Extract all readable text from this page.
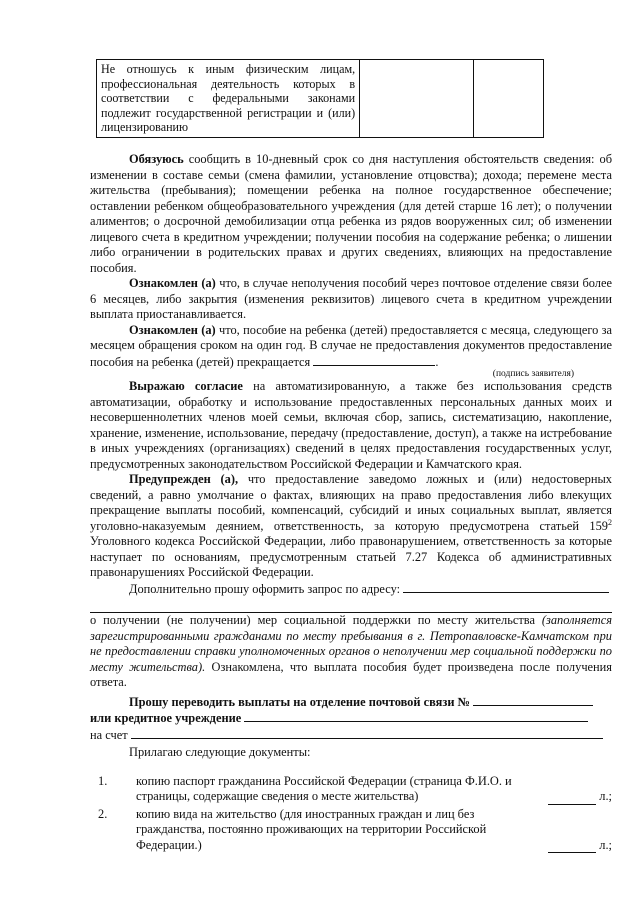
Не отношусь к иным физическим лицам, профессиональная деятельность которых в соответствии с федеральными законами подлежит государственной регистрации и (или) лицензированию		

Обязуюсь сообщить в 10-дневный срок со дня наступления обстоятельств сведения: об изменении в составе семьи (смена фамилии, установление отцовства); дохода; перемене места жительства (пребывания); помещении ребенка на полное государственное обеспечение; оставлении ребенком общеобразовательного учреждения (для детей старше 16 лет); о получении алиментов; о досрочной демобилизации отца ребенка из рядов вооруженных сил; об изменении лицевого счета в кредитном учреждении; получении пособия на содержание ребенка; о лишении либо ограничении в родительских правах и других сведениях, влияющих на предоставление пособия.

Ознакомлен (а) что, в случае неполучения пособий через почтовое отделение связи более 6 месяцев, либо закрытия (изменения реквизитов) лицевого счета в кредитном учреждении выплата приостанавливается.

Ознакомлен (а) что, пособие на ребенка (детей) предоставляется с месяца, следующего за месяцем обращения сроком на один год. В случае не предоставления документов предоставление пособия на ребенка (детей) прекращается	.

(подпись заявителя)

Выражаю согласие на автоматизированную, а также без использования средств автоматизации, обработку и использование предоставленных персональных данных моих и несовершеннолетних членов моей семьи, включая сбор, запись, систематизацию, накопление, хранение, изменение, использование, передачу (предоставление, доступ), а также на истребование в иных учреждениях (организациях) сведений в целях предоставления государственных услуг, предусмотренных законодательством Российской Федерации и Камчатского края.

Предупрежден (а), что предоставление заведомо ложных и (или) недостоверных сведений, а равно умолчание о фактах, влияющих на право предоставления либо влекущих прекращение выплаты пособий, компенсаций, субсидий и иных социальных выплат, является уголовно-наказуемым деянием, ответственность, за которую предусмотрена статьей $159^2$ Уголовного кодекса Российской Федерации, либо правонарушением, ответственность за которые наступает по основаниям, предусмотренным статьей 7.27 Кодекса об административных правонарушениях Российской Федерации.

Дополнительно прошу оформить запрос по адресу:

о получении (не получении) мер социальной поддержки по месту жительства (заполняется зарегистрированными гражданами по месту пребывания в г. Петропавловске-Камчатском при не предоставлении справки уполномоченных органов о неполучении мер социальной поддержки по месту жительства). Ознакомлена, что выплата пособия будет произведена после получения ответа.

Прошу переводить выплаты на отделение почтовой связи №

или кредитное учреждение

на счет

Прилагаю следующие документы:

1.	копию паспорт гражданина Российской Федерации (страница Ф.И.О. и страницы, содержащие сведения о месте жительства)	л.;
2.	копию вида на жительство (для иностранных граждан и лиц без гражданства, постоянно проживающих на территории Российской Федерации.)	л.;
